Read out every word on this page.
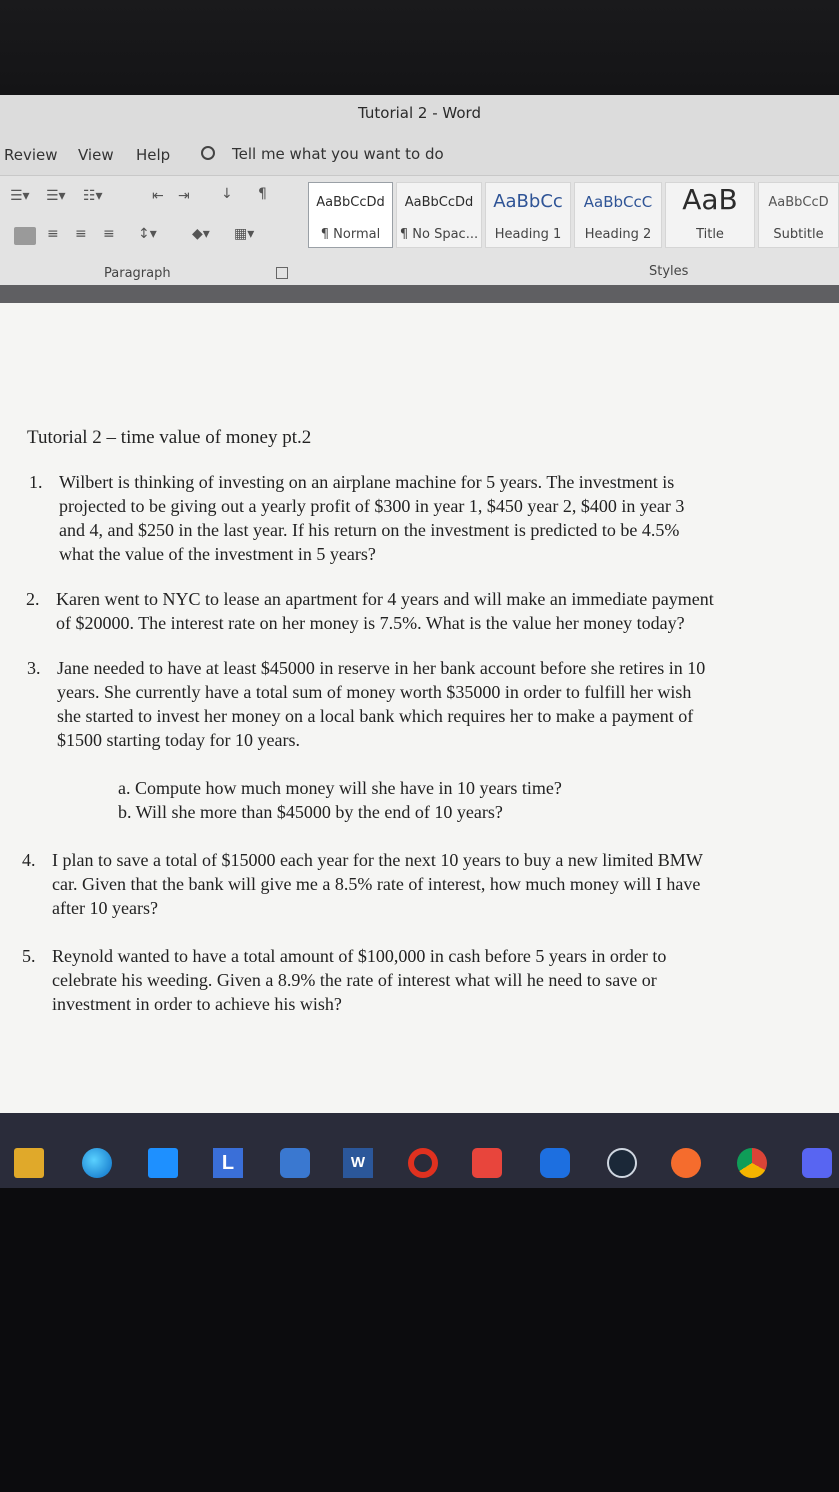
Tutorial 2 - Word
Review View Help	Tell me what you want to do
☰▾ ☰▾ ☷▾	⇤ ⇥ ↓ ¶
≡ ≡ ≡ ↕▾	◆▾ ▦▾
Paragraph
AaBbCcDd
¶ Normal
AaBbCcDd
¶ No Spac...
AaBbCc
Heading 1
AaBbCcC
Heading 2
AaB
Title
AaBbCcD
Subtitle
Styles
Tutorial 2 – time value of money pt.2
1. Wilbert is thinking of investing on an airplane machine for 5 years. The investment is
projected to be giving out a yearly profit of $300 in year 1, $450 year 2, $400 in year 3
and 4, and $250 in the last year. If his return on the investment is predicted to be 4.5%
what the value of the investment in 5 years?
2. Karen went to NYC to lease an apartment for 4 years and will make an immediate payment
of $20000. The interest rate on her money is 7.5%. What is the value her money today?
3. Jane needed to have at least $45000 in reserve in her bank account before she retires in 10
years. She currently have a total sum of money worth $35000 in order to fulfill her wish
she started to invest her money on a local bank which requires her to make a payment of
$1500 starting today for 10 years.
a. Compute how much money will she have in 10 years time?
b. Will she more than $45000 by the end of 10 years?
4. I plan to save a total of $15000 each year for the next 10 years to buy a new limited BMW
car. Given that the bank will give me a 8.5% rate of interest, how much money will I have
after 10 years?
5. Reynold wanted to have a total amount of $100,000 in cash before 5 years in order to
celebrate his weeding. Given a 8.9% the rate of interest what will he need to save or
investment in order to achieve his wish?
L	W
